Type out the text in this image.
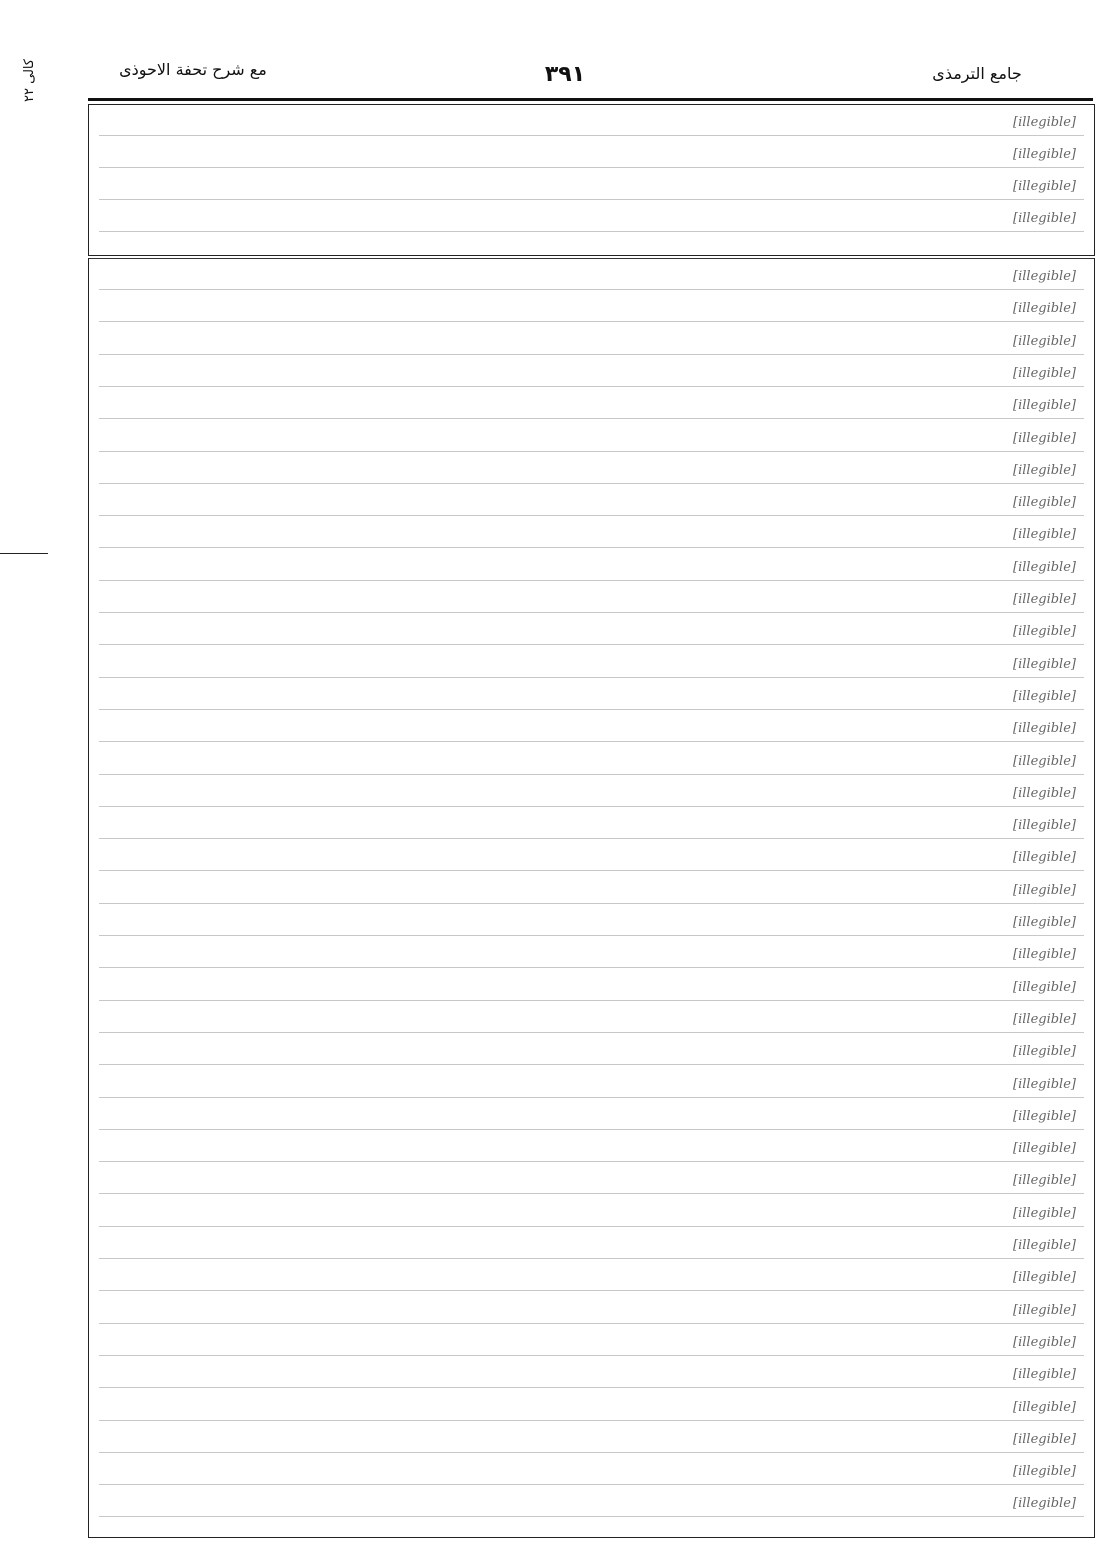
۲۲ کالی	مع شرح تحفة الاحوذی	۳۹۱	جامع الترمذی
[illegible]
[illegible]
[illegible]
[illegible]
[illegible]
[illegible]
[illegible]
[illegible]
[illegible]
[illegible]
[illegible]
[illegible]
[illegible]
[illegible]
[illegible]
[illegible]
[illegible]
[illegible]
[illegible]
[illegible]
[illegible]
[illegible]
[illegible]
[illegible]
[illegible]
[illegible]
[illegible]
[illegible]
[illegible]
[illegible]
[illegible]
[illegible]
[illegible]
[illegible]
[illegible]
[illegible]
[illegible]
[illegible]
[illegible]
[illegible]
[illegible]
[illegible]
[illegible]
